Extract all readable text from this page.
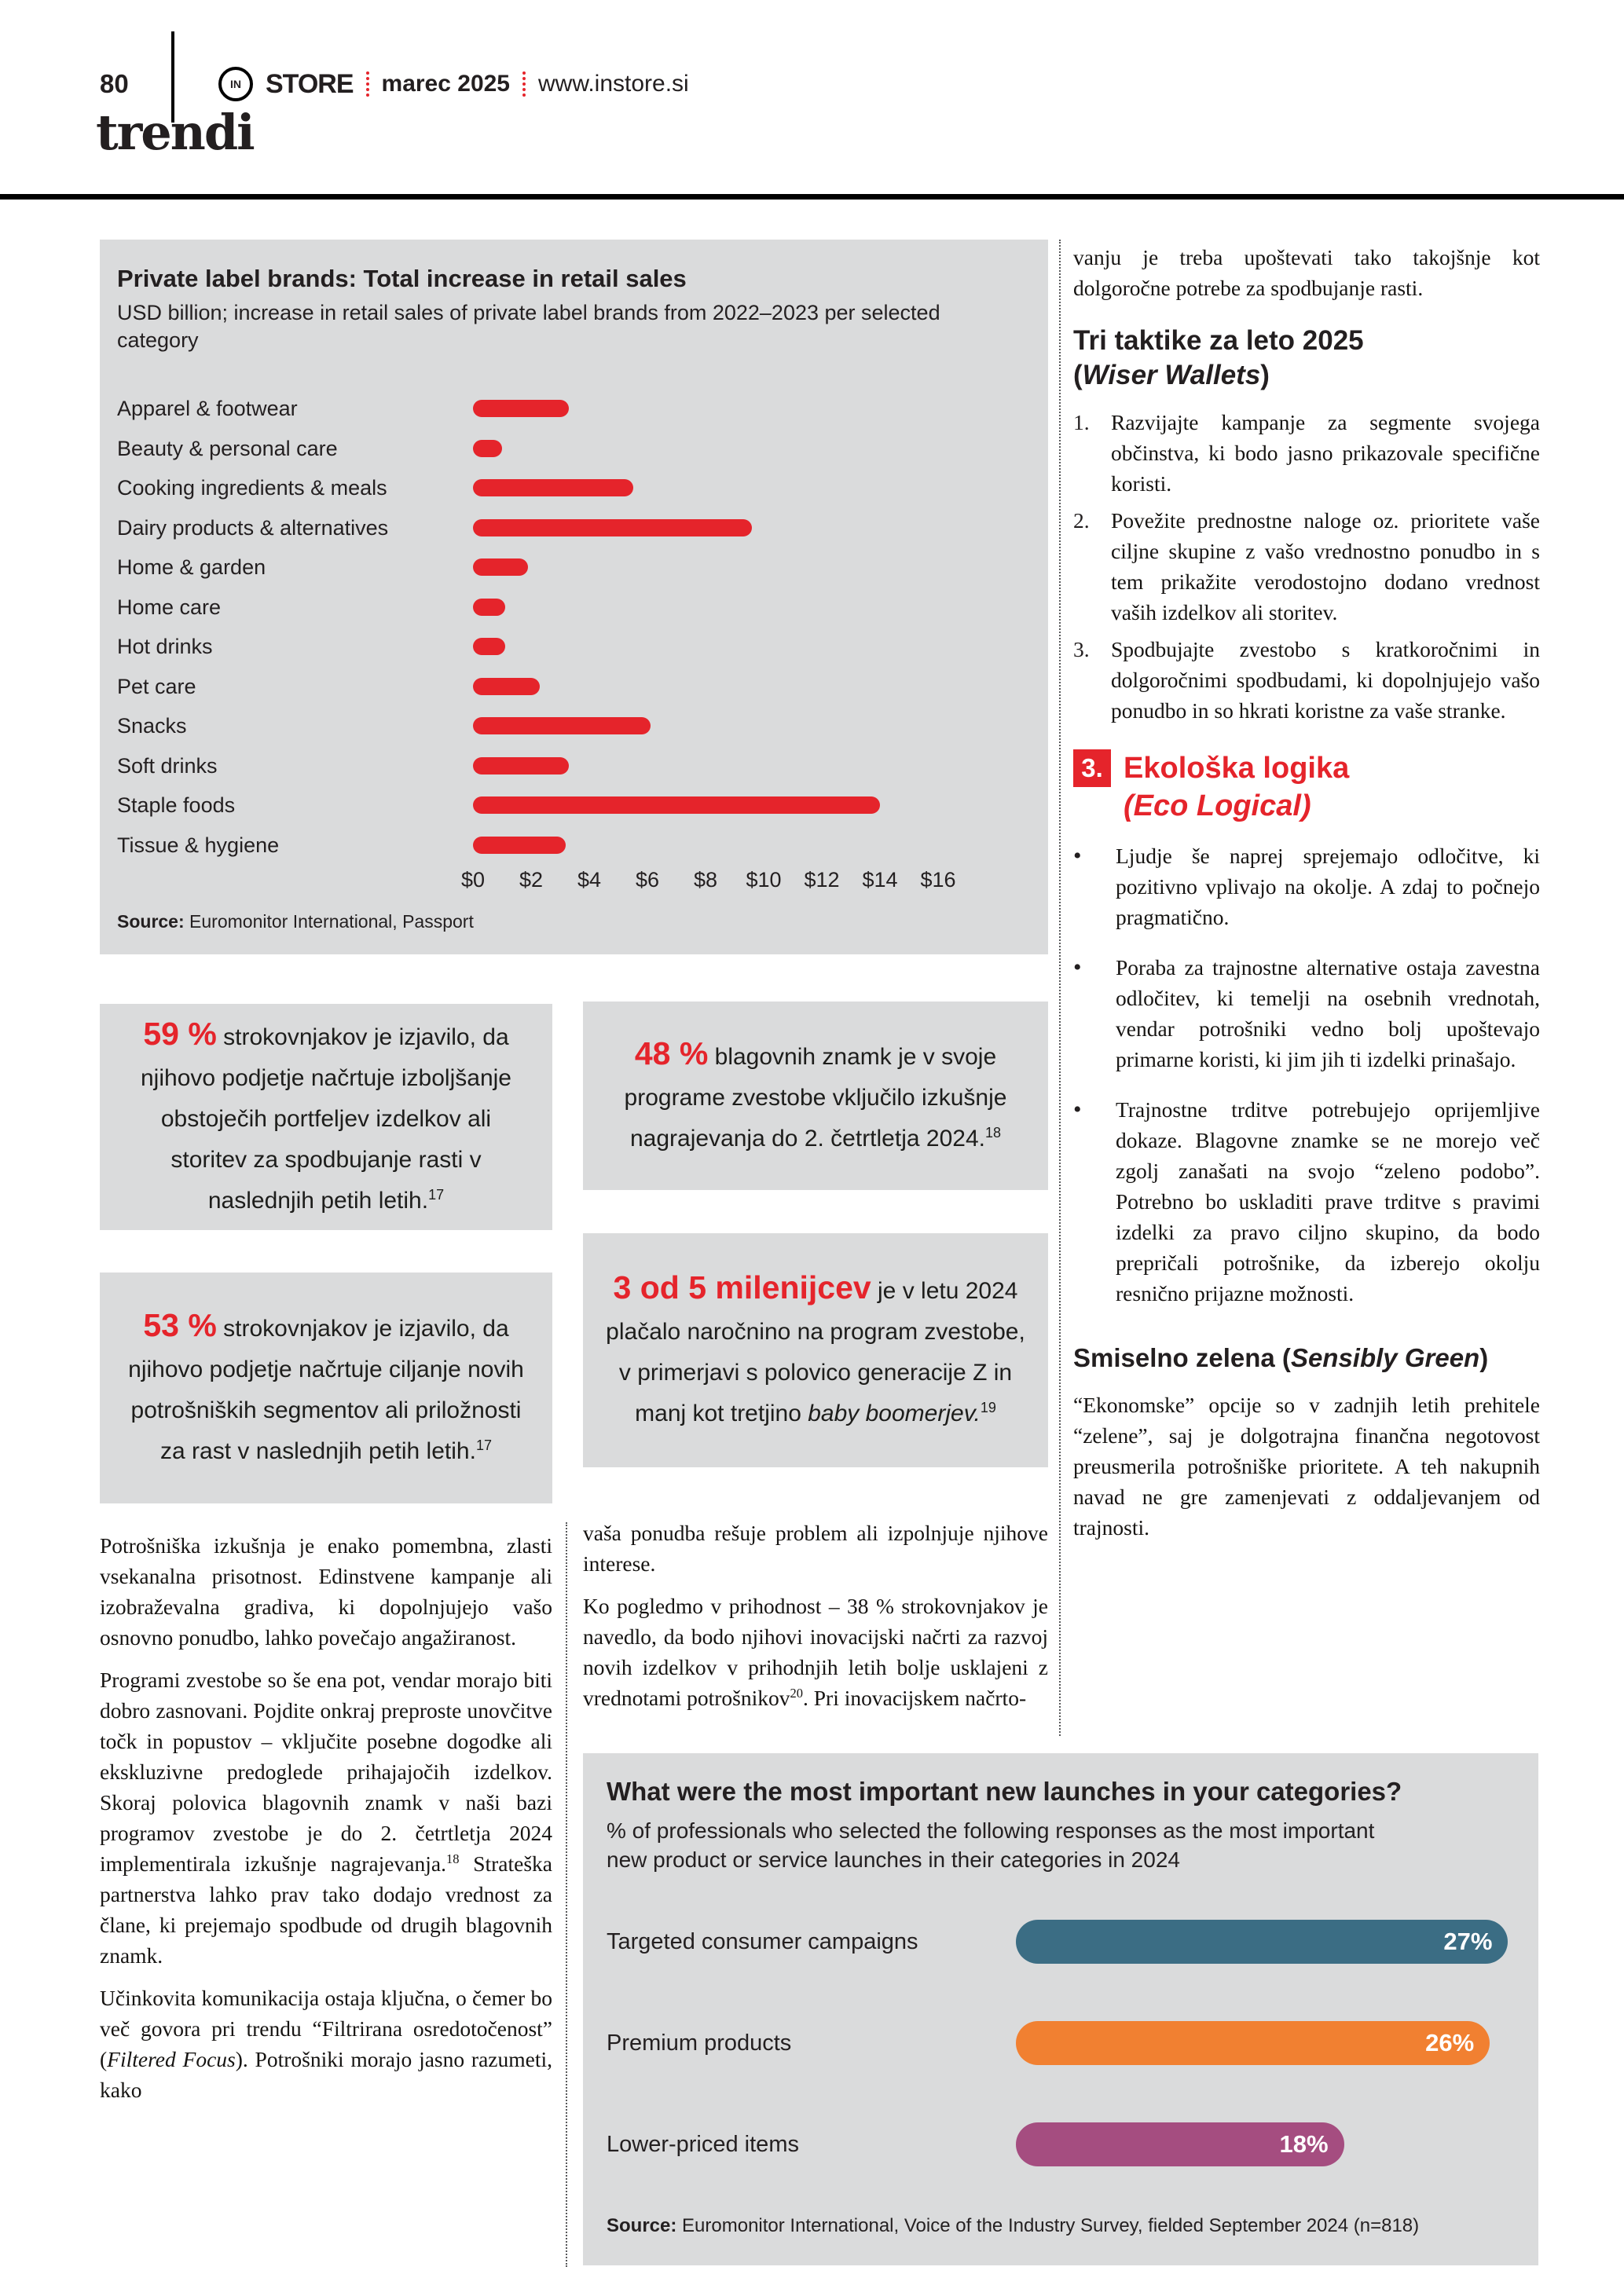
80	IN STORE marec 2025 www.instore.si
trendi
Private label brands: Total increase in retail sales
USD billion; increase in retail sales of private label brands from 2022–2023 per selected category
Apparel & footwear
Beauty & personal care
Cooking ingredients & meals
Dairy products & alternatives
Home & garden
Home care
Hot drinks
Pet care
Snacks
Soft drinks
Staple foods
Tissue & hygiene
$0	$2	$4	$6	$8	$10	$12	$14	$16
Source: Euromonitor International, Passport

59 % strokovnjakov je izjavilo, da njihovo podjetje načrtuje izboljšanje obstoječih portfeljev izdelkov ali storitev za spodbujanje rasti v naslednjih petih letih.$^{17}$

53 % strokovnjakov je izjavilo, da njihovo podjetje načrtuje ciljanje novih potrošniških segmentov ali priložnosti za rast v naslednjih petih letih.$^{17}$

48 % blagovnih znamk je v svoje programe zvestobe vključilo izkušnje nagrajevanja do 2. četrtletja 2024.18

3 od 5 milenijcev je v letu 2024 plačalo naročnino na program zvestobe, v primerjavi s polovico generacije Z in manj kot tretjino baby boomerjev.$^{19}$

Potrošniška izkušnja je enako pomembna, zlasti vsekanalna prisotnost. Edinstvene kampanje ali izobraževalna gradiva, ki dopolnjujejo vašo osnovno ponudbo, lahko povečajo angažiranost.

Programi zvestobe so še ena pot, vendar morajo biti dobro zasnovani. Pojdite onkraj preproste unovčitve točk in popustov – vključite posebne dogodke ali ekskluzivne predoglede prihajajočih izdelkov. Skoraj polovica blagovnih znamk v naši bazi programov zvestobe je do 2. četrtletja 2024 implementirala izkušnje nagrajevanja.$^{18}$ Strateška partnerstva lahko prav tako dodajo vrednost za člane, ki prejemajo spodbude od drugih blagovnih znamk.

Učinkovita komunikacija ostaja ključna, o čemer bo več govora pri trendu “Filtrirana osredotočenost” (Filtered Focus). Potrošniki morajo jasno razumeti, kako

vaša ponudba rešuje problem ali izpolnjuje njihove interese.

Ko pogledmo v prihodnost – 38 % strokovnjakov je navedlo, da bodo njihovi inovacijski načrti za razvoj novih izdelkov v prihodnjih letih bolje usklajeni z vrednotami potrošnikov$^{20}$. Pri inovacijskem načrto-

vanju je treba upoštevati tako takojšnje kot dolgoročne potrebe za spodbujanje rasti.

Tri taktike za leto 2025
(Wiser Wallets)
1. Razvijajte kampanje za segmente svojega občinstva, ki bodo jasno prikazovale specifične koristi.

2. Povežite prednostne naloge oz. prioritete vaše ciljne skupine z vašo vrednostno ponudbo in s tem prikažite verodostojno dodano vrednost vaših izdelkov ali storitev.

3. Spodbujajte zvestobo s kratkoročnimi in dolgoročnimi spodbudami, ki dopolnjujejo vašo ponudbo in so hkrati koristne za vaše stranke.

3. Ekološka logika
(Eco Logical)
•	Ljudje še naprej sprejemajo odločitve, ki pozitivno vplivajo na okolje. A zdaj to počnejo pragmatično.

•	Poraba za trajnostne alternative ostaja zavestna odločitev, ki temelji na osebnih vrednotah, vendar potrošniki vedno bolj upoštevajo primarne koristi, ki jim jih ti izdelki prinašajo.

•	Trajnostne trditve potrebujejo oprijemljive dokaze. Blagovne znamke se ne morejo več zgolj zanašati na svojo “zeleno podobo”. Potrebno bo uskladiti prave trditve s pravimi izdelki za pravo ciljno skupino, da bodo prepričali potrošnike, da izberejo okolju resnično prijazne možnosti.

Smiselno zelena (Sensibly Green)

“Ekonomske” opcije so v zadnjih letih prehitele “zelene”, saj je dolgotrajna finančna negotovost preusmerila potrošniške prioritete. A teh nakupnih navad ne gre zamenjevati z oddaljevanjem od trajnosti.

What were the most important new launches in your categories?
% of professionals who selected the following responses as the most important new product or service launches in their categories in 2024
Targeted consumer campaigns	27%
Premium products	26%
Lower-priced items	18%
Source: Euromonitor International, Voice of the Industry Survey, fielded September 2024 (n=818)
